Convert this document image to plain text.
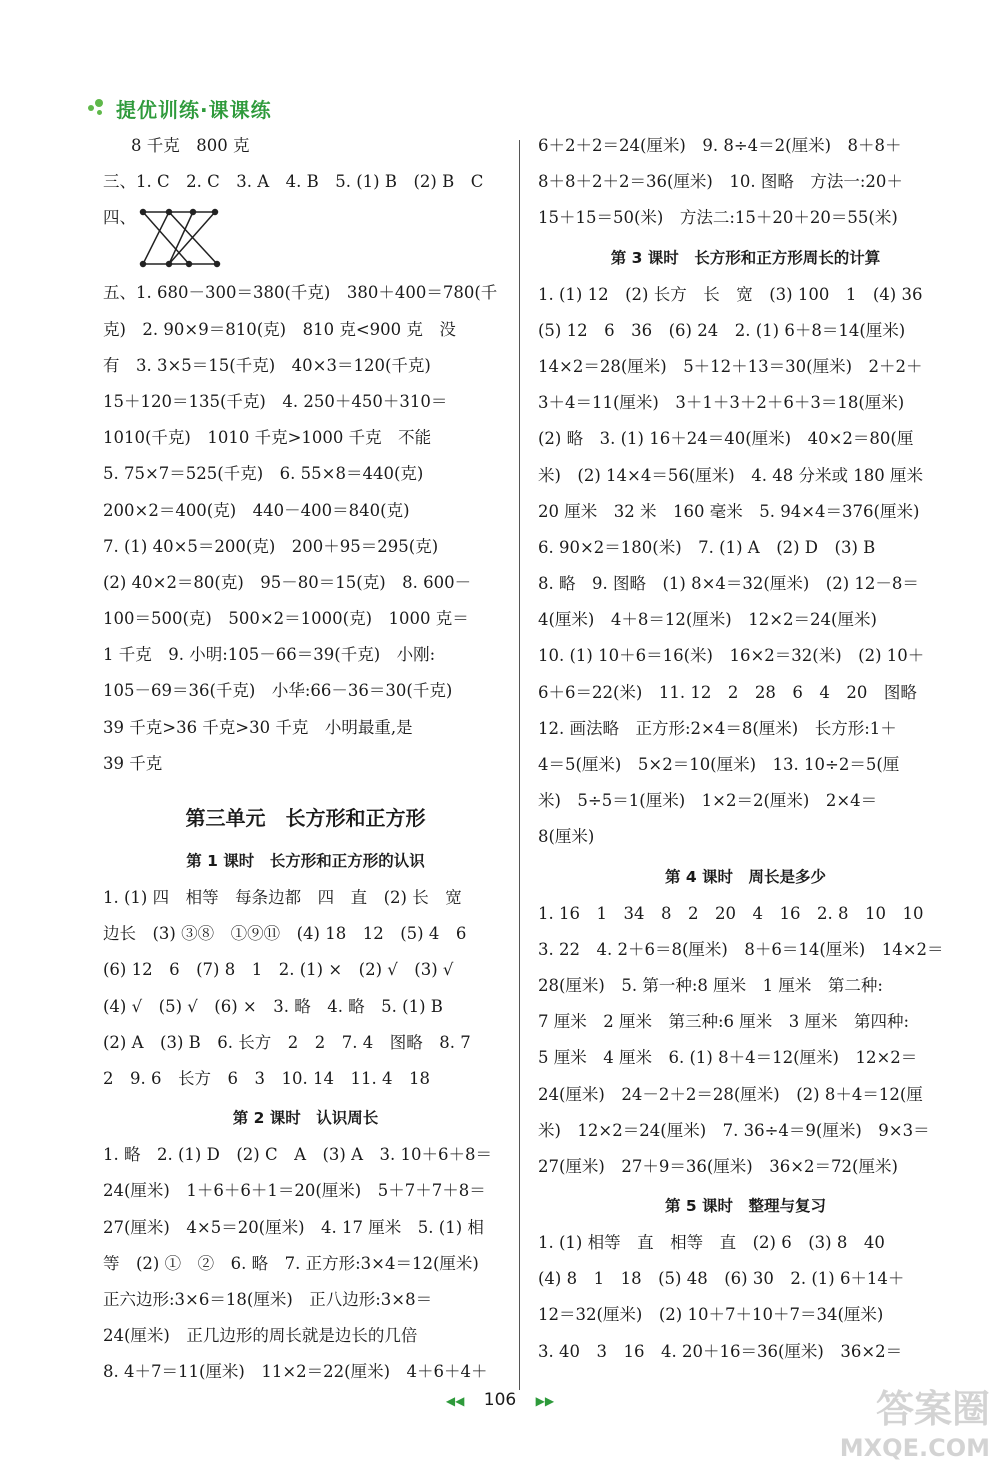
提优训练·课课练
8 千克　800 克
三、1. C　2. C　3. A　4. B　5. (1) B　(2) B　C
四、
五、1. 680－300＝380(千克)　380＋400＝780(千
克)　2. 90×9＝810(克)　810 克<900 克　没
有　3. 3×5＝15(千克)　40×3＝120(千克)
15＋120＝135(千克)　4. 250＋450＋310＝
1010(千克)　1010 千克>1000 千克　不能
5. 75×7＝525(千克)　6. 55×8＝440(克)
200×2＝400(克)　440－400＝840(克)
7. (1) 40×5＝200(克)　200＋95＝295(克)
(2) 40×2＝80(克)　95－80＝15(克)　8. 600－
100＝500(克)　500×2＝1000(克)　1000 克＝
1 千克　9. 小明:105－66＝39(千克)　小刚:
105－69＝36(千克)　小华:66－36＝30(千克)
39 千克>36 千克>30 千克　小明最重,是
39 千克
第三单元　长方形和正方形
第 1 课时　长方形和正方形的认识
1. (1) 四　相等　每条边都　四　直　(2) 长　宽
边长　(3) ③⑧　①⑨⑪　(4) 18　12　(5) 4　6
(6) 12　6　(7) 8　1　2. (1) ×　(2) √　(3) √
(4) √　(5) √　(6) ×　3. 略　4. 略　5. (1) B
(2) A　(3) B　6. 长方　2　2　7. 4　图略　8. 7
2　9. 6　长方　6　3　10. 14　11. 4　18
第 2 课时　认识周长
1. 略　2. (1) D　(2) C　A　(3) A　3. 10＋6＋8＝
24(厘米)　1＋6＋6＋1＝20(厘米)　5＋7＋7＋8＝
27(厘米)　4×5＝20(厘米)　4. 17 厘米　5. (1) 相
等　(2) ①　②　6. 略　7. 正方形:3×4＝12(厘米)
正六边形:3×6＝18(厘米)　正八边形:3×8＝
24(厘米)　正几边形的周长就是边长的几倍
8. 4＋7＝11(厘米)　11×2＝22(厘米)　4＋6＋4＋
6＋2＋2＝24(厘米)　9. 8÷4＝2(厘米)　8＋8＋
8＋8＋2＋2＝36(厘米)　10. 图略　方法一:20＋
15＋15＝50(米)　方法二:15＋20＋20＝55(米)
第 3 课时　长方形和正方形周长的计算
1. (1) 12　(2) 长方　长　宽　(3) 100　1　(4) 36
(5) 12　6　36　(6) 24　2. (1) 6＋8＝14(厘米)
14×2＝28(厘米)　5＋12＋13＝30(厘米)　2＋2＋
3＋4＝11(厘米)　3＋1＋3＋2＋6＋3＝18(厘米)
(2) 略　3. (1) 16＋24＝40(厘米)　40×2＝80(厘
米)　(2) 14×4＝56(厘米)　4. 48 分米或 180 厘米
20 厘米　32 米　160 毫米　5. 94×4＝376(厘米)
6. 90×2＝180(米)　7. (1) A　(2) D　(3) B
8. 略　9. 图略　(1) 8×4＝32(厘米)　(2) 12－8＝
4(厘米)　4＋8＝12(厘米)　12×2＝24(厘米)
10. (1) 10＋6＝16(米)　16×2＝32(米)　(2) 10＋
6＋6＝22(米)　11. 12　2　28　6　4　20　图略
12. 画法略　正方形:2×4＝8(厘米)　长方形:1＋
4＝5(厘米)　5×2＝10(厘米)　13. 10÷2＝5(厘
米)　5÷5＝1(厘米)　1×2＝2(厘米)　2×4＝
8(厘米)
第 4 课时　周长是多少
1. 16　1　34　8　2　20　4　16　2. 8　10　10
3. 22　4. 2＋6＝8(厘米)　8＋6＝14(厘米)　14×2＝
28(厘米)　5. 第一种:8 厘米　1 厘米　第二种:
7 厘米　2 厘米　第三种:6 厘米　3 厘米　第四种:
5 厘米　4 厘米　6. (1) 8＋4＝12(厘米)　12×2＝
24(厘米)　24－2＋2＝28(厘米)　(2) 8＋4＝12(厘
米)　12×2＝24(厘米)　7. 36÷4＝9(厘米)　9×3＝
27(厘米)　27＋9＝36(厘米)　36×2＝72(厘米)
第 5 课时　整理与复习
1. (1) 相等　直　相等　直　(2) 6　(3) 8　40
(4) 8　1　18　(5) 48　(6) 30　2. (1) 6＋14＋
12＝32(厘米)　(2) 10＋7＋10＋7＝34(厘米)
3. 40　3　16　4. 20＋16＝36(厘米)　36×2＝
◀◀ 106 ▶▶	答案圈
MXQE.COM
